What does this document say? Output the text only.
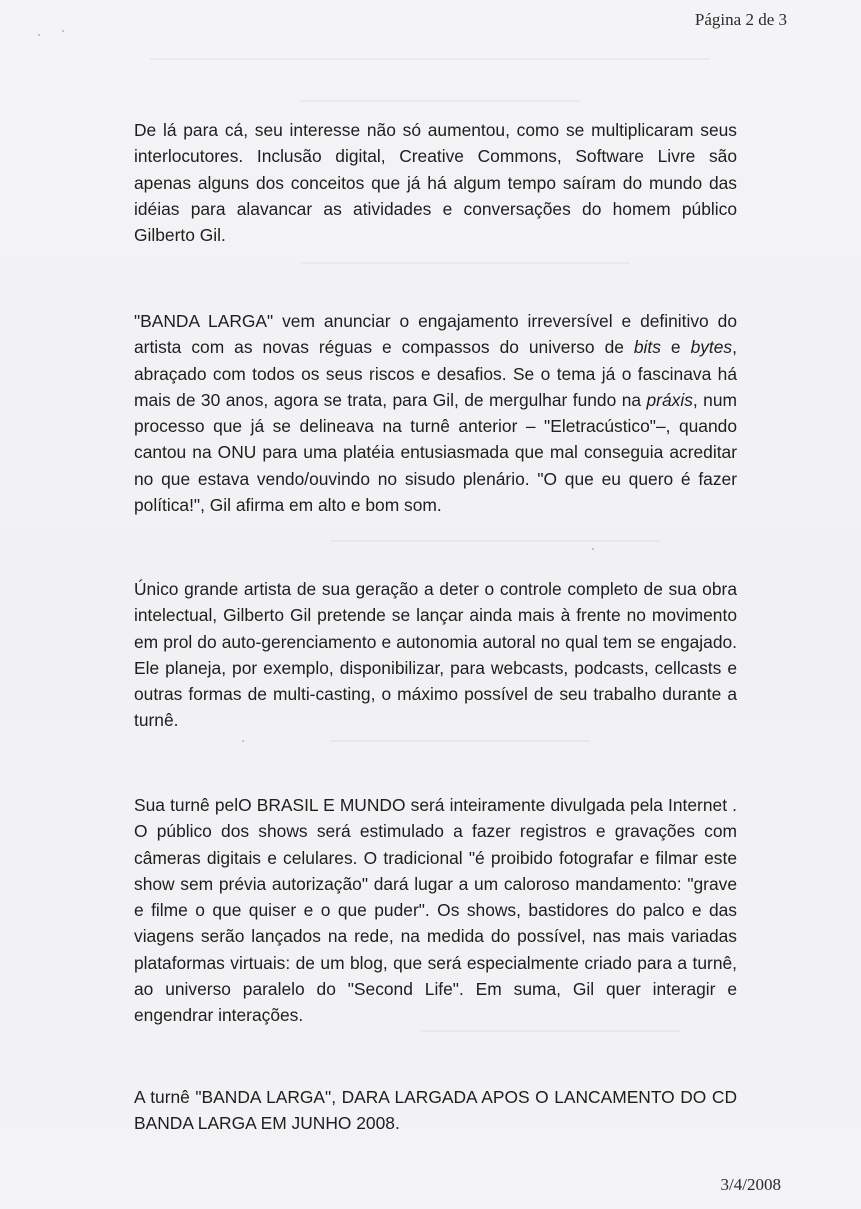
Página 2 de 3

De lá para cá, seu interesse não só aumentou, como se multiplicaram seus interlocutores. Inclusão digital, Creative Commons, Software Livre são apenas alguns dos conceitos que já há algum tempo saíram do mundo das idéias para alavancar as atividades e conversações do homem público Gilberto Gil.

"BANDA LARGA" vem anunciar o engajamento irreversível e definitivo do artista com as novas réguas e compassos do universo de bits e bytes, abraçado com todos os seus riscos e desafios. Se o tema já o fascinava há mais de 30 anos, agora se trata, para Gil, de mergulhar fundo na práxis, num processo que já se delineava na turnê anterior – "Eletracústico"–, quando cantou na ONU para uma platéia entusiasmada que mal conseguia acreditar no que estava vendo/ouvindo no sisudo plenário. "O que eu quero é fazer política!", Gil afirma em alto e bom som.

Único grande artista de sua geração a deter o controle completo de sua obra intelectual, Gilberto Gil pretende se lançar ainda mais à frente no movimento em prol do auto-gerenciamento e autonomia autoral no qual tem se engajado. Ele planeja, por exemplo, disponibilizar, para webcasts, podcasts, cellcasts e outras formas de multi-casting, o máximo possível de seu trabalho durante a turnê.

Sua turnê pelO BRASIL E MUNDO será inteiramente divulgada pela Internet . O público dos shows será estimulado a fazer registros e gravações com câmeras digitais e celulares. O tradicional "é proibido fotografar e filmar este show sem prévia autorização" dará lugar a um caloroso mandamento: "grave e filme o que quiser e o que puder". Os shows, bastidores do palco e das viagens serão lançados na rede, na medida do possível, nas mais variadas plataformas virtuais: de um blog, que será especialmente criado para a turnê, ao universo paralelo do "Second Life". Em suma, Gil quer interagir e engendrar interações.

A turnê "BANDA LARGA", DARA LARGADA APOS O LANCAMENTO DO CD BANDA LARGA EM JUNHO 2008.

3/4/2008
